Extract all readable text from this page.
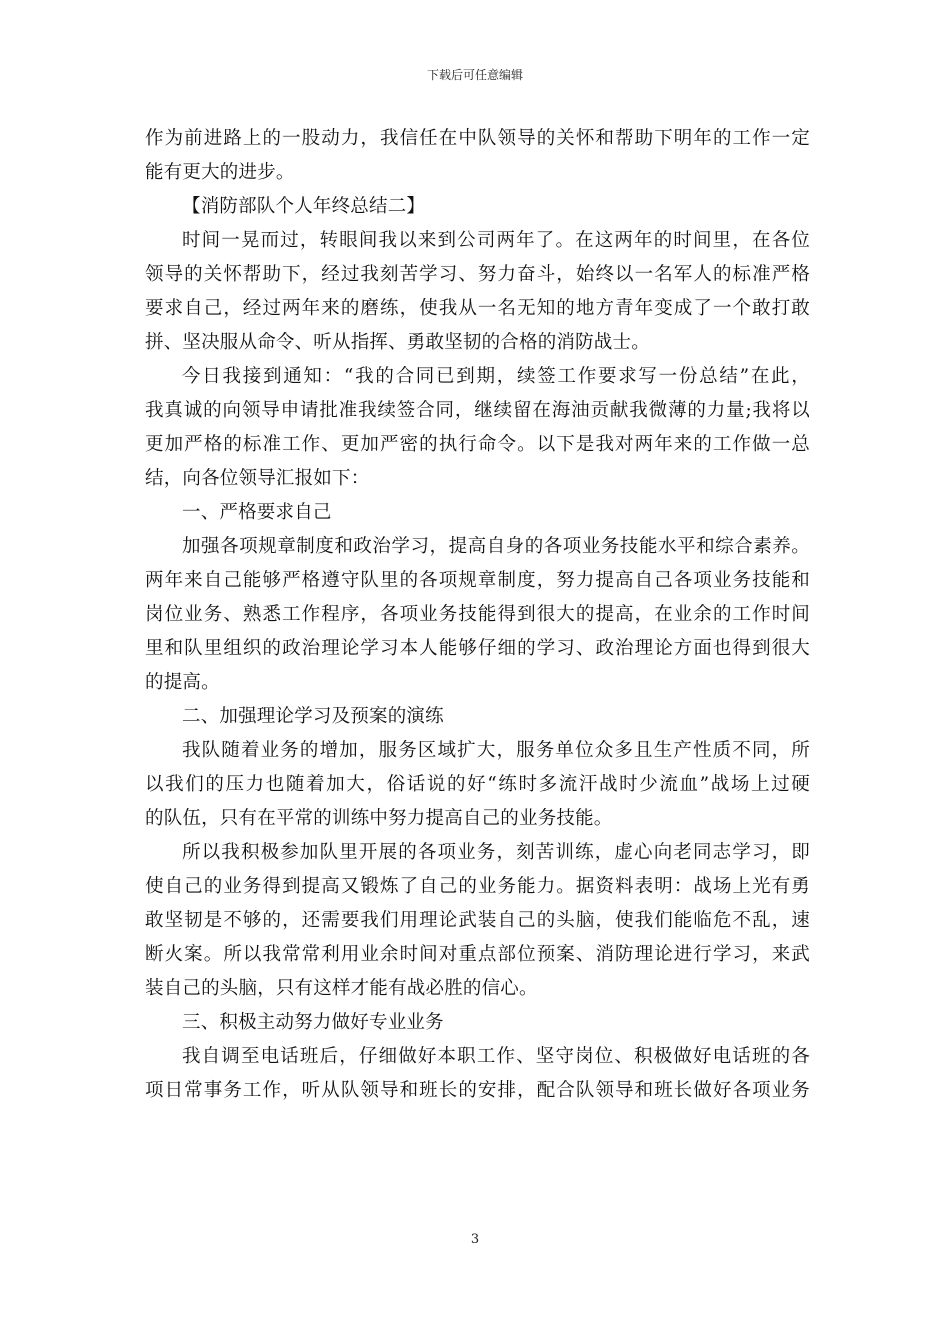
下载后可任意编辑
作为前进路上的一股动力，我信任在中队领导的关怀和帮助下明年的工作一定
能有更大的进步。
【消防部队个人年终总结二】
时间一晃而过，转眼间我以来到公司两年了。在这两年的时间里，在各位
领导的关怀帮助下，经过我刻苦学习、努力奋斗，始终以一名军人的标准严格
要求自己，经过两年来的磨练，使我从一名无知的地方青年变成了一个敢打敢
拼、坚决服从命令、听从指挥、勇敢坚韧的合格的消防战士。
今日我接到通知：“我的合同已到期，续签工作要求写一份总结”在此，
我真诚的向领导申请批准我续签合同，继续留在海油贡献我微薄的力量;我将以
更加严格的标准工作、更加严密的执行命令。以下是我对两年来的工作做一总
结，向各位领导汇报如下：
一、严格要求自己
加强各项规章制度和政治学习，提高自身的各项业务技能水平和综合素养。
两年来自己能够严格遵守队里的各项规章制度，努力提高自己各项业务技能和
岗位业务、熟悉工作程序，各项业务技能得到很大的提高，在业余的工作时间
里和队里组织的政治理论学习本人能够仔细的学习、政治理论方面也得到很大
的提高。
二、加强理论学习及预案的演练
我队随着业务的增加，服务区域扩大，服务单位众多且生产性质不同，所
以我们的压力也随着加大，俗话说的好“练时多流汗战时少流血”战场上过硬
的队伍，只有在平常的训练中努力提高自己的业务技能。
所以我积极参加队里开展的各项业务，刻苦训练，虚心向老同志学习，即
使自己的业务得到提高又锻炼了自己的业务能力。据资料表明：战场上光有勇
敢坚韧是不够的，还需要我们用理论武装自己的头脑，使我们能临危不乱，速
断火案。所以我常常利用业余时间对重点部位预案、消防理论进行学习，来武
装自己的头脑，只有这样才能有战必胜的信心。
三、积极主动努力做好专业业务
我自调至电话班后，仔细做好本职工作、坚守岗位、积极做好电话班的各
项日常事务工作，听从队领导和班长的安排，配合队领导和班长做好各项业务
3
